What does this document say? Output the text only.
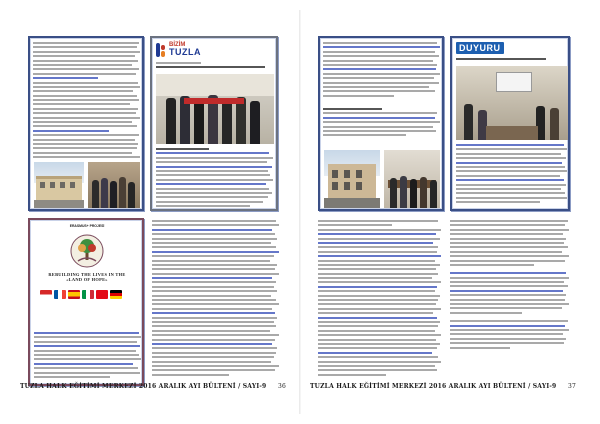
BİZİM
TUZLA
ERASMUS+ PROJESİ
REBUILDING THE LIVES IN THE
«LAND OF HOPE»
TUZLA HALK EĞİTİMİ MERKEZİ 2016 ARALIK AYI BÜLTENİ / SAYI-9 36
DUYURU
TUZLA HALK EĞİTİMİ MERKEZİ 2016 ARALIK AYI BÜLTENİ / SAYI-9 37
